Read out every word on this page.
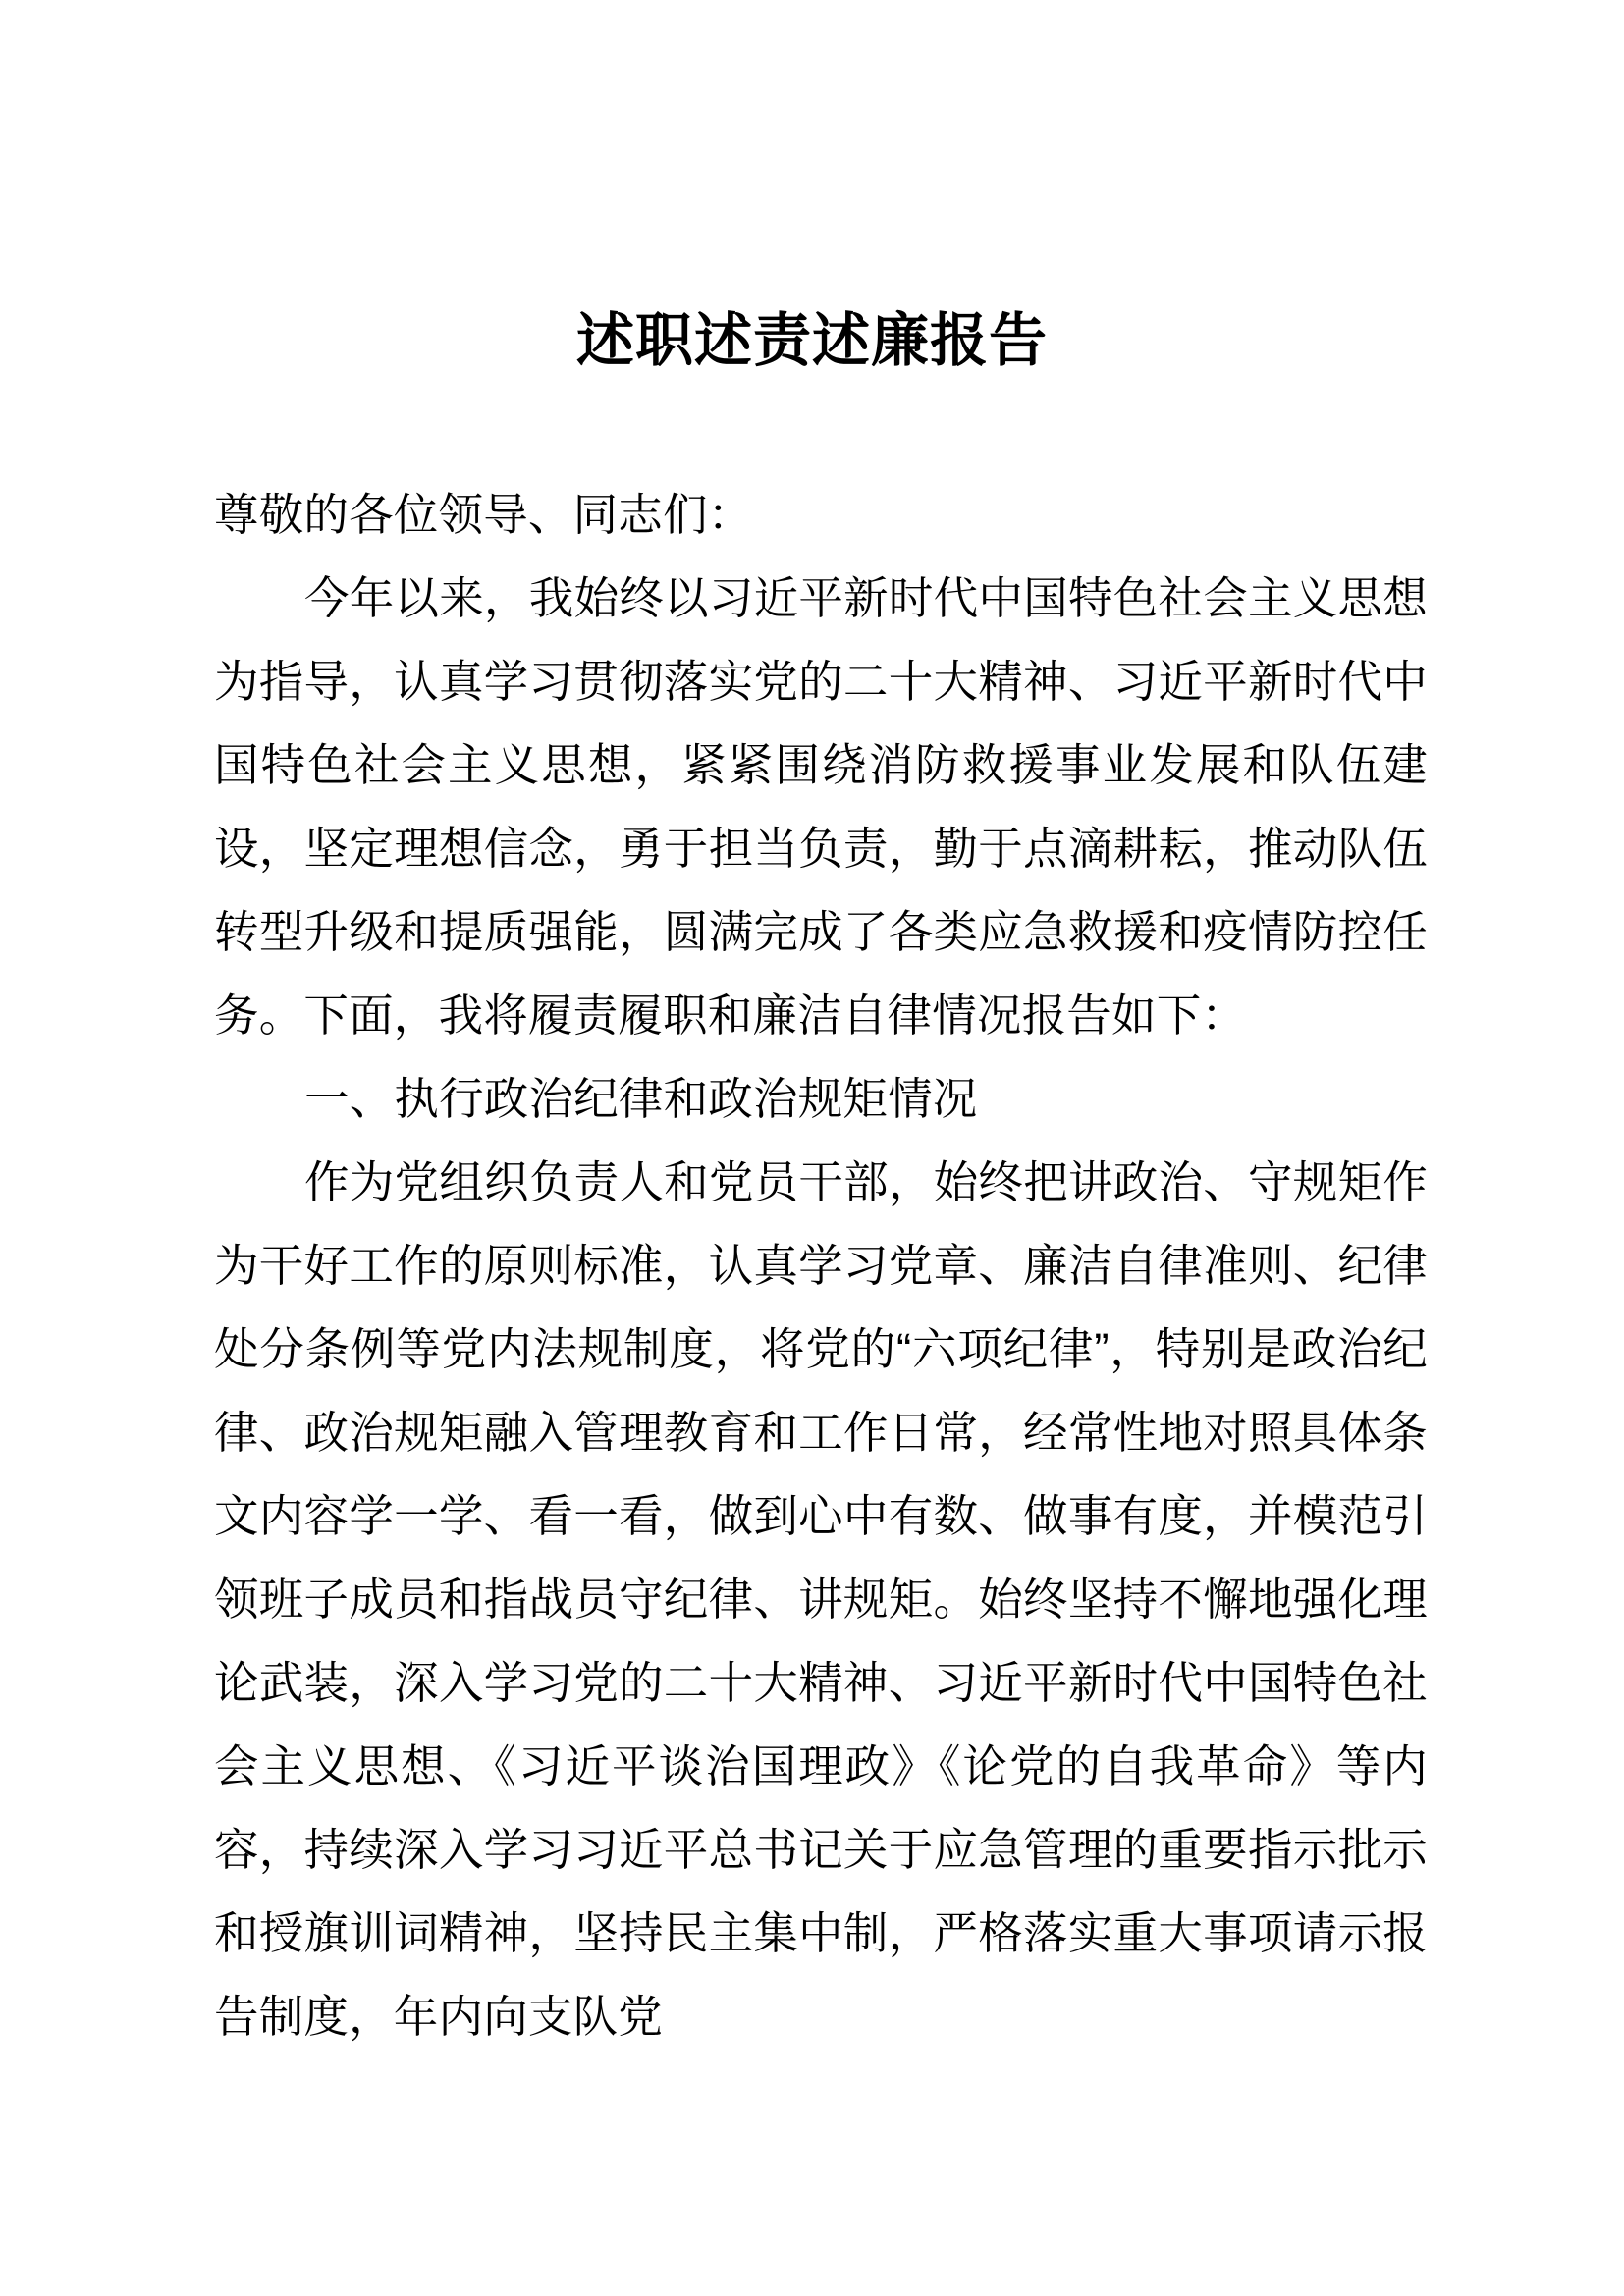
述职述责述廉报告

尊敬的各位领导、同志们：

今年以来，我始终以习近平新时代中国特色社会主义思想为指导，认真学习贯彻落实党的二十大精神、习近平新时代中国特色社会主义思想，紧紧围绕消防救援事业发展和队伍建设，坚定理想信念，勇于担当负责，勤于点滴耕耘，推动队伍转型升级和提质强能，圆满完成了各类应急救援和疫情防控任务。下面，我将履责履职和廉洁自律情况报告如下：

一、执行政治纪律和政治规矩情况

作为党组织负责人和党员干部，始终把讲政治、守规矩作为干好工作的原则标准，认真学习党章、廉洁自律准则、纪律处分条例等党内法规制度，将党的“六项纪律”，特别是政治纪律、政治规矩融入管理教育和工作日常，经常性地对照具体条文内容学一学、看一看，做到心中有数、做事有度，并模范引领班子成员和指战员守纪律、讲规矩。始终坚持不懈地强化理论武装，深入学习党的二十大精神、习近平新时代中国特色社会主义思想、《习近平谈治国理政》《论党的自我革命》等内容，持续深入学习习近平总书记关于应急管理的重要指示批示和授旗训词精神，坚持民主集中制，严格落实重大事项请示报告制度，年内向支队党
